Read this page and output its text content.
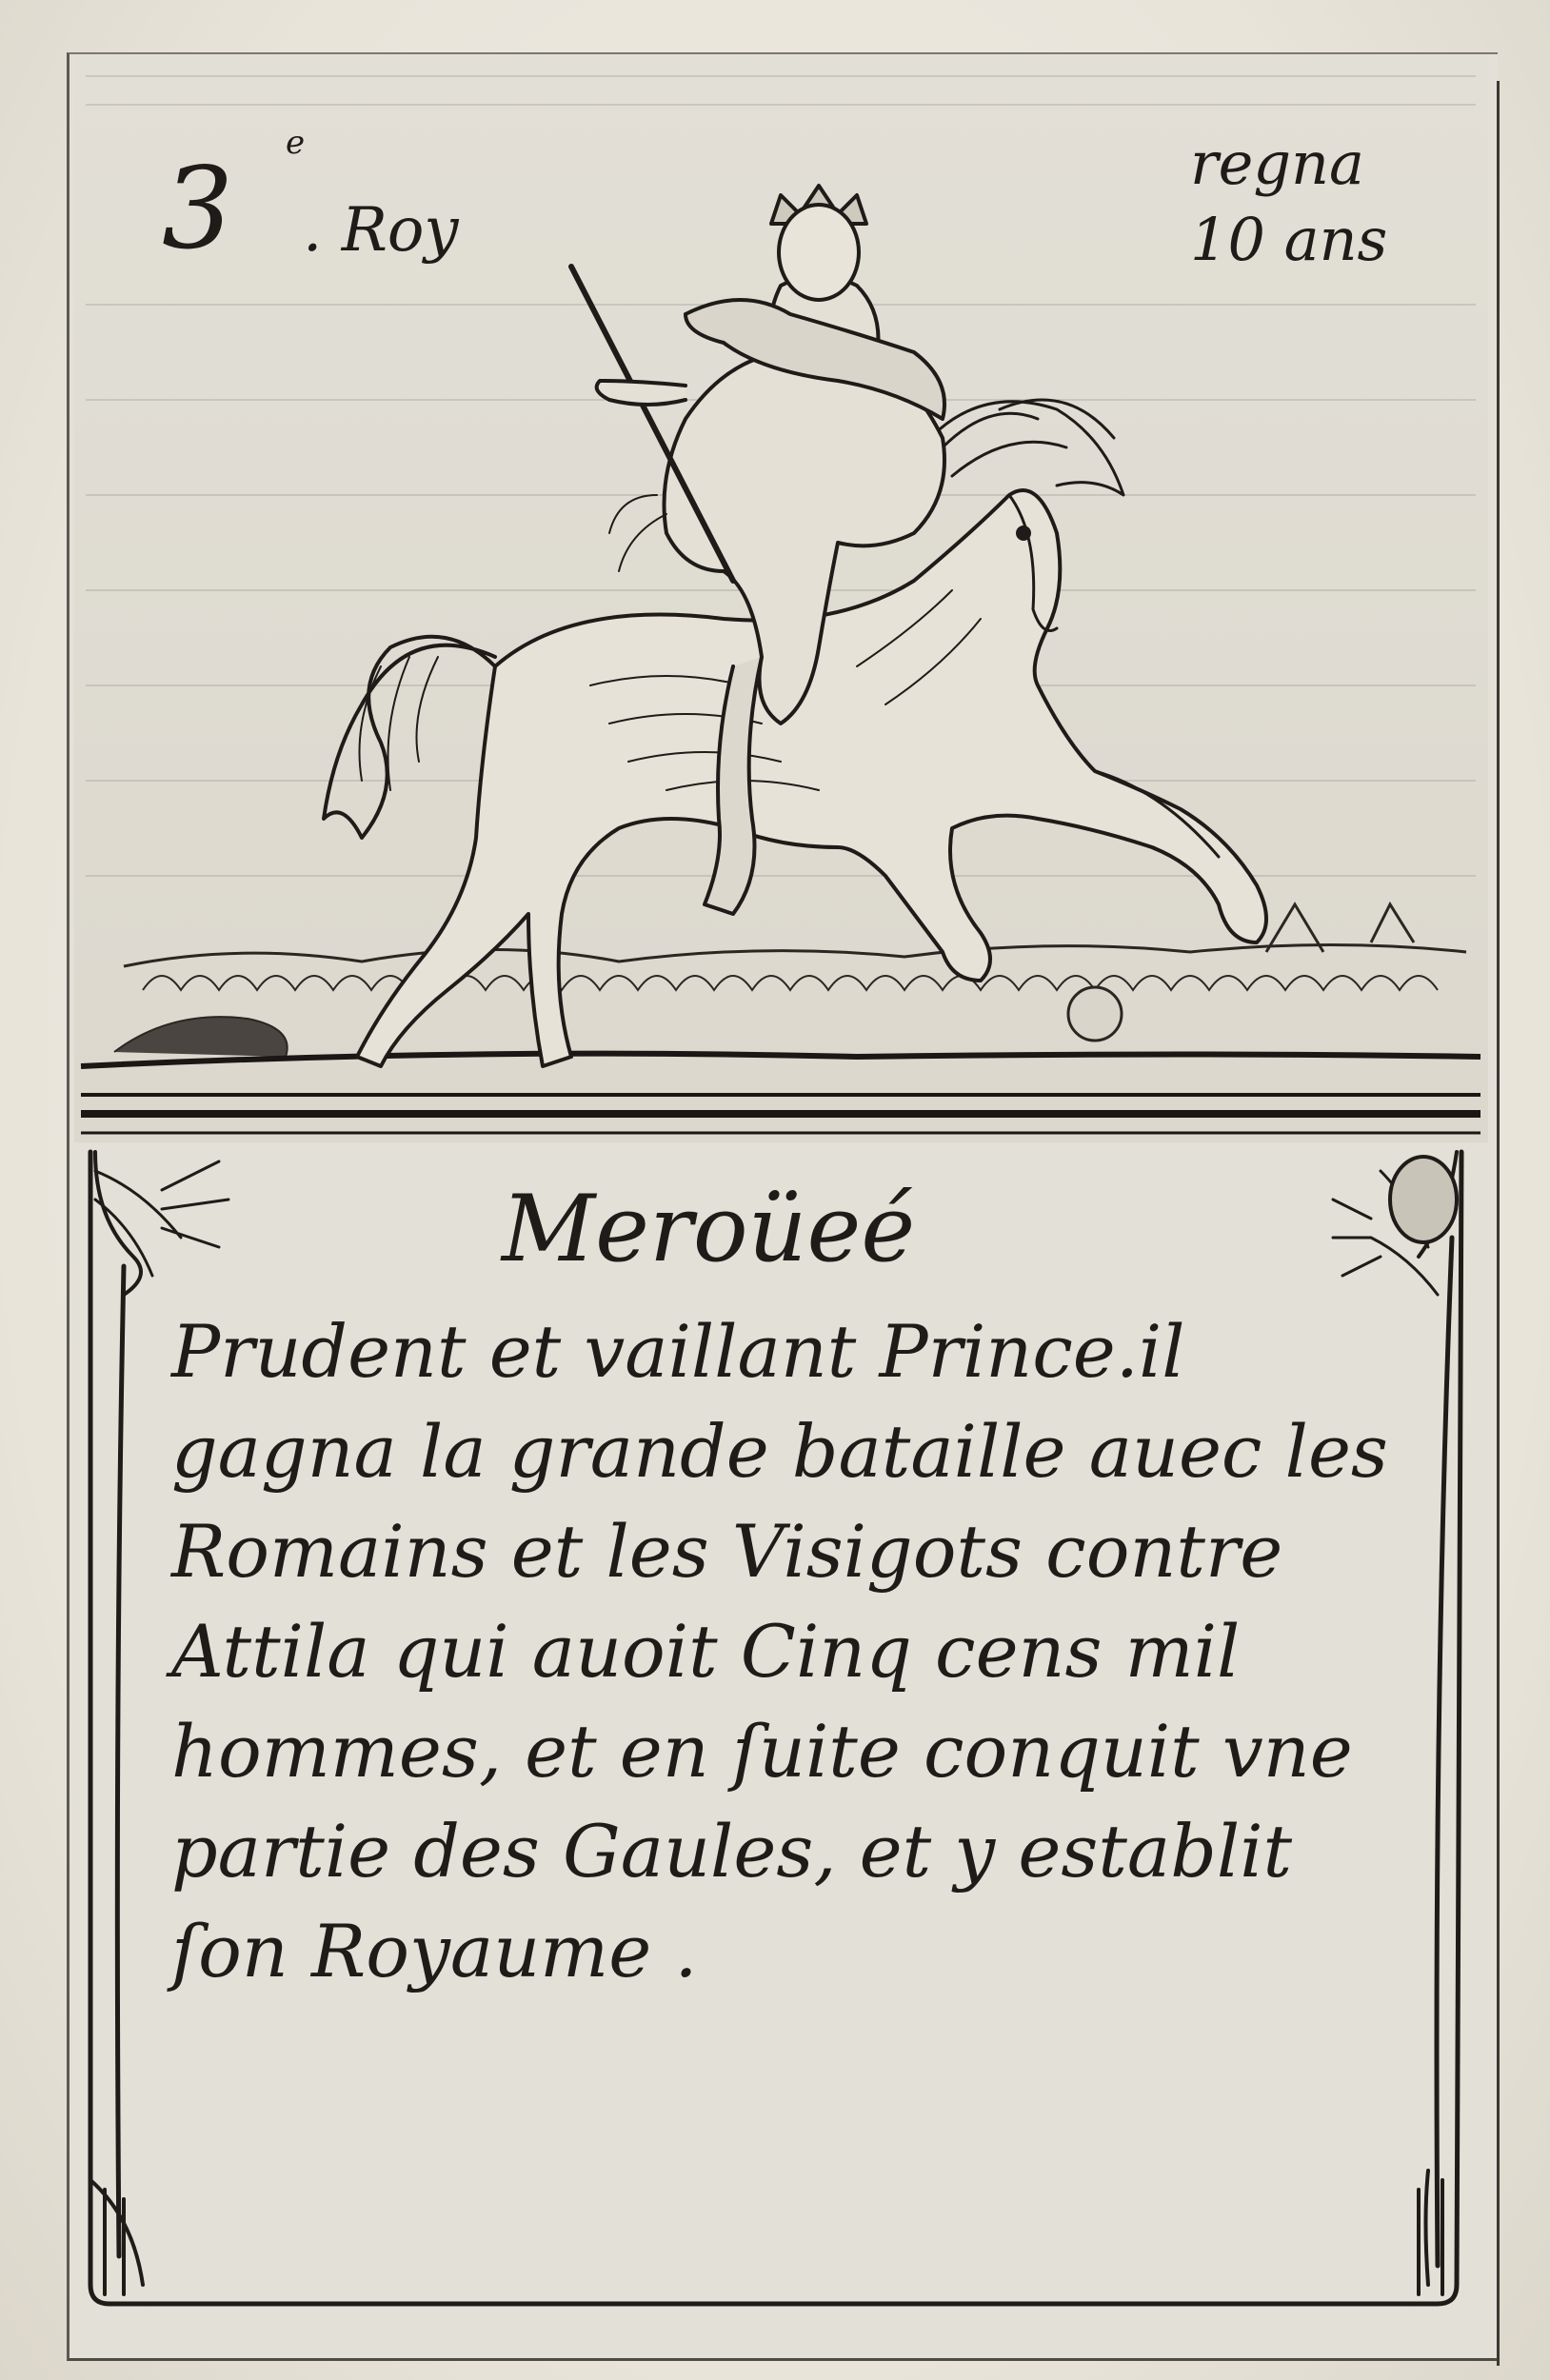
3 e
. Roy
regna
10 ans
Meroüeé
Prudent et vaillant Prince.il
gagna la grande bataille auec les
Romains et les Visigots contre
Attila qui auoit Cinq cens mil
hommes, et en ſuite conquit vne
partie des Gaules, et y establit
ſon Royaume .
